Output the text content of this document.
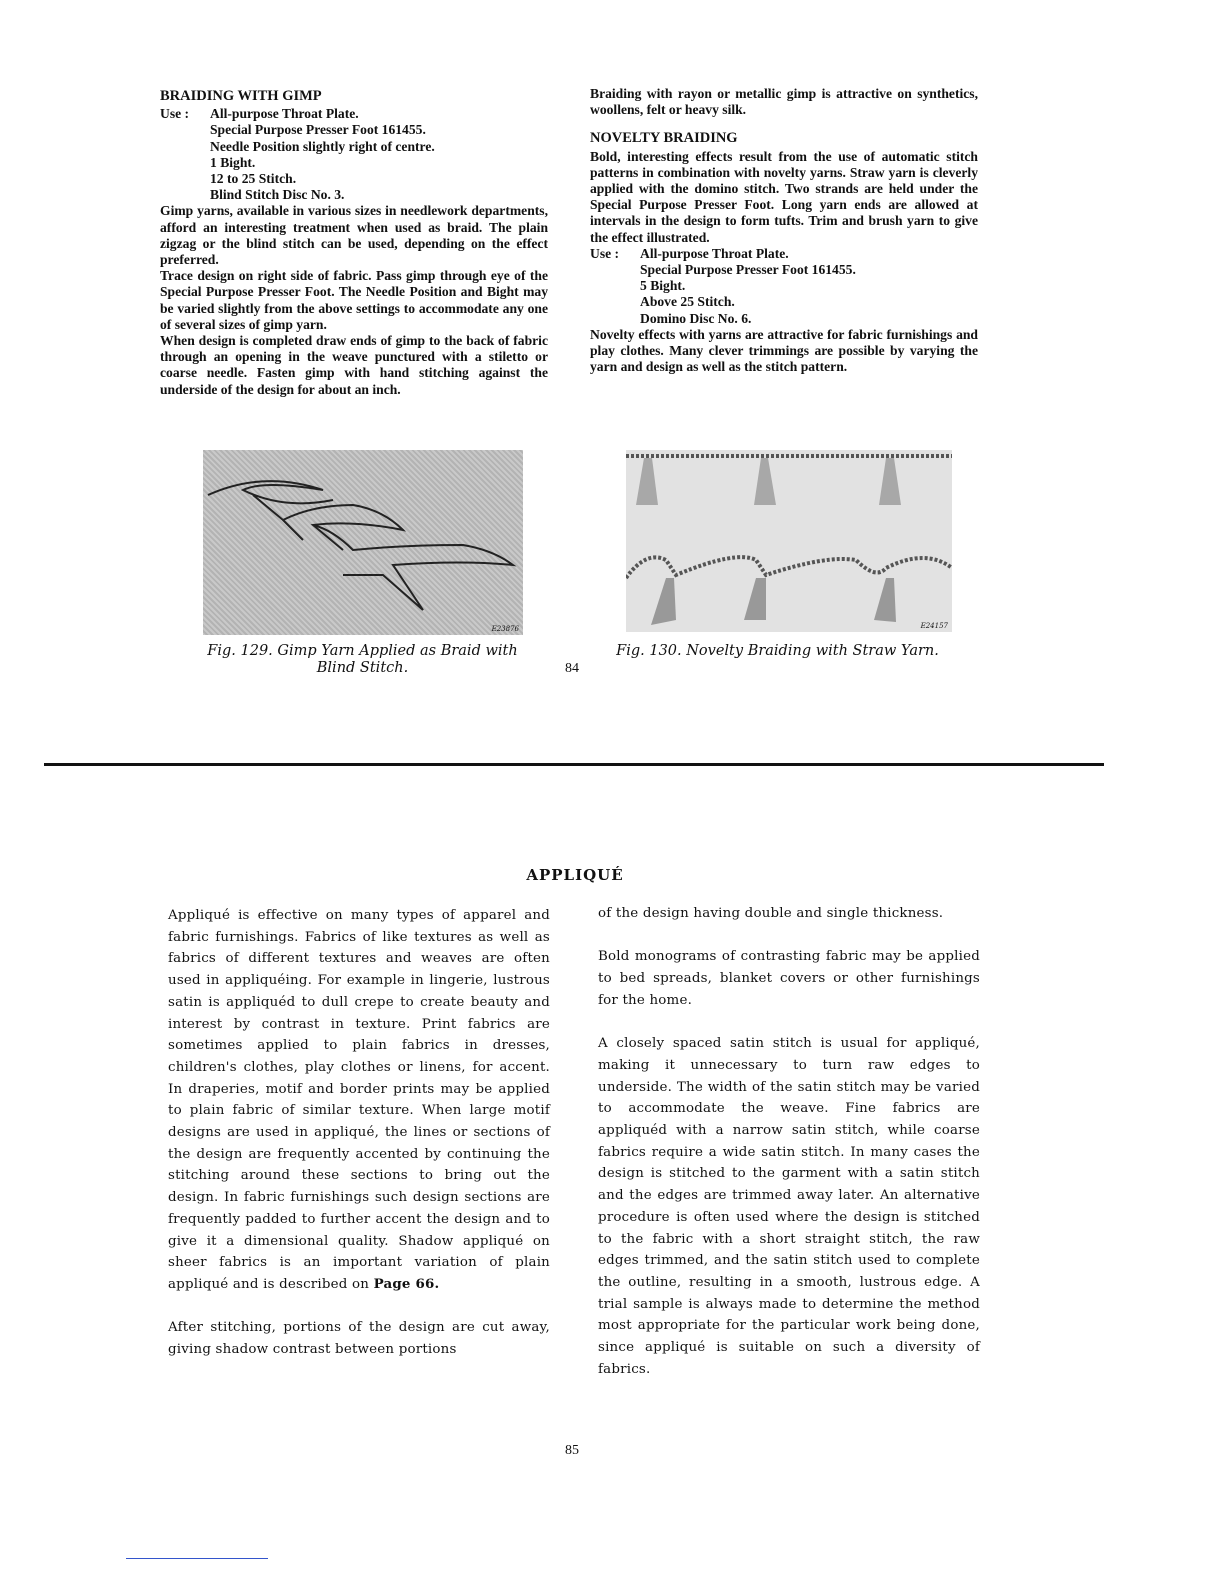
BRAIDING WITH GIMP
Use :	All-purpose Throat Plate.
Special Purpose Presser Foot 161455.
Needle Position slightly right of centre.
1 Bight.
12 to 25 Stitch.
Blind Stitch Disc No. 3.

Gimp yarns, available in various sizes in needlework departments, afford an interesting treatment when used as braid. The plain zigzag or the blind stitch can be used, depending on the effect preferred.

Trace design on right side of fabric. Pass gimp through eye of the Special Purpose Presser Foot. The Needle Position and Bight may be varied slightly from the above settings to accommodate any one of several sizes of gimp yarn.

When design is completed draw ends of gimp to the back of fabric through an opening in the weave punctured with a stiletto or coarse needle. Fasten gimp with hand stitching against the underside of the design for about an inch.

Braiding with rayon or metallic gimp is attractive on synthetics, woollens, felt or heavy silk.

NOVELTY BRAIDING

Bold, interesting effects result from the use of automatic stitch patterns in combination with novelty yarns. Straw yarn is cleverly applied with the domino stitch. Two strands are held under the Special Purpose Presser Foot. Long yarn ends are allowed at intervals in the design to form tufts. Trim and brush yarn to give the effect illustrated.

Use :	All-purpose Throat Plate.
Special Purpose Presser Foot 161455.
5 Bight.
Above 25 Stitch.
Domino Disc No. 6.

Novelty effects with yarns are attractive for fabric furnishings and play clothes. Many clever trimmings are possible by varying the yarn and design as well as the stitch pattern.

E23876
Fig. 129. Gimp Yarn Applied as Braid with Blind Stitch.
E24157
Fig. 130. Novelty Braiding with Straw Yarn.
84
APPLIQUÉ

Appliqué is effective on many types of apparel and fabric furnishings. Fabrics of like textures as well as fabrics of different textures and weaves are often used in appliquéing. For example in lingerie, lustrous satin is appliquéd to dull crepe to create beauty and interest by contrast in texture. Print fabrics are sometimes applied to plain fabrics in dresses, children's clothes, play clothes or linens, for accent. In draperies, motif and border prints may be applied to plain fabric of similar texture. When large motif designs are used in appliqué, the lines or sections of the design are frequently accented by continuing the stitching around these sections to bring out the design. In fabric furnishings such design sections are frequently padded to further accent the design and to give it a dimensional quality. Shadow appliqué on sheer fabrics is an important variation of plain appliqué and is described on Page 66.

After stitching, portions of the design are cut away, giving shadow contrast between portions

of the design having double and single thickness.

Bold monograms of contrasting fabric may be applied to bed spreads, blanket covers or other furnishings for the home.

A closely spaced satin stitch is usual for appliqué, making it unnecessary to turn raw edges to underside. The width of the satin stitch may be varied to accommodate the weave. Fine fabrics are appliquéd with a narrow satin stitch, while coarse fabrics require a wide satin stitch. In many cases the design is stitched to the garment with a satin stitch and the edges are trimmed away later. An alternative procedure is often used where the design is stitched to the fabric with a short straight stitch, the raw edges trimmed, and the satin stitch used to complete the outline, resulting in a smooth, lustrous edge. A trial sample is always made to determine the method most appropriate for the particular work being done, since appliqué is suitable on such a diversity of fabrics.

85
